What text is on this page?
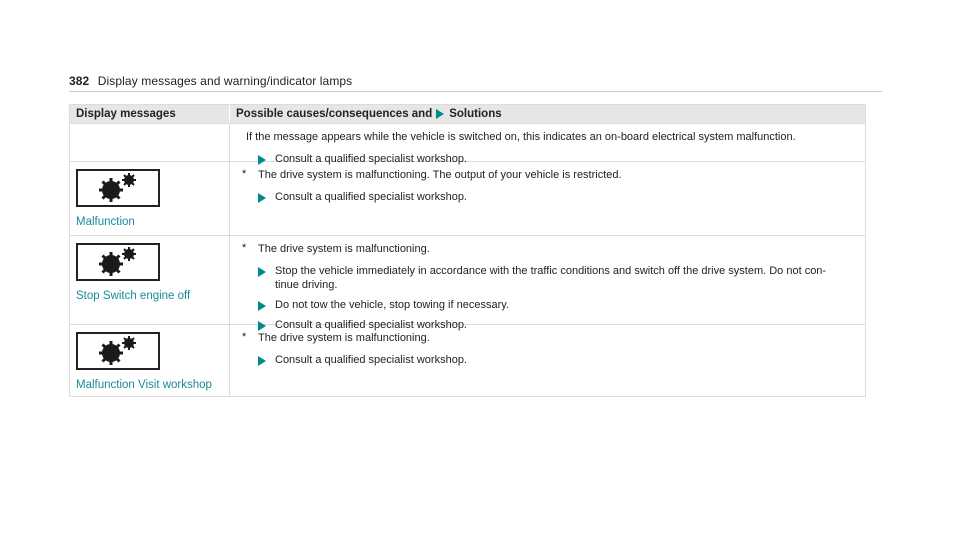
382 Display messages and warning/indicator lamps
Display messages	Possible causes/consequences and Solutions
If the message appears while the vehicle is switched on, this indicates an on-board electrical system malfunction.
Consult a qualified specialist workshop.
Malfunction
* The drive system is malfunctioning. The output of your vehicle is restricted.
Consult a qualified specialist workshop.
Stop Switch engine off
* The drive system is malfunctioning.
Stop the vehicle immediately in accordance with the traffic conditions and switch off the drive system. Do not con-
tinue driving.
Do not tow the vehicle, stop towing if necessary.
Consult a qualified specialist workshop.
Malfunction Visit workshop
* The drive system is malfunctioning.
Consult a qualified specialist workshop.
